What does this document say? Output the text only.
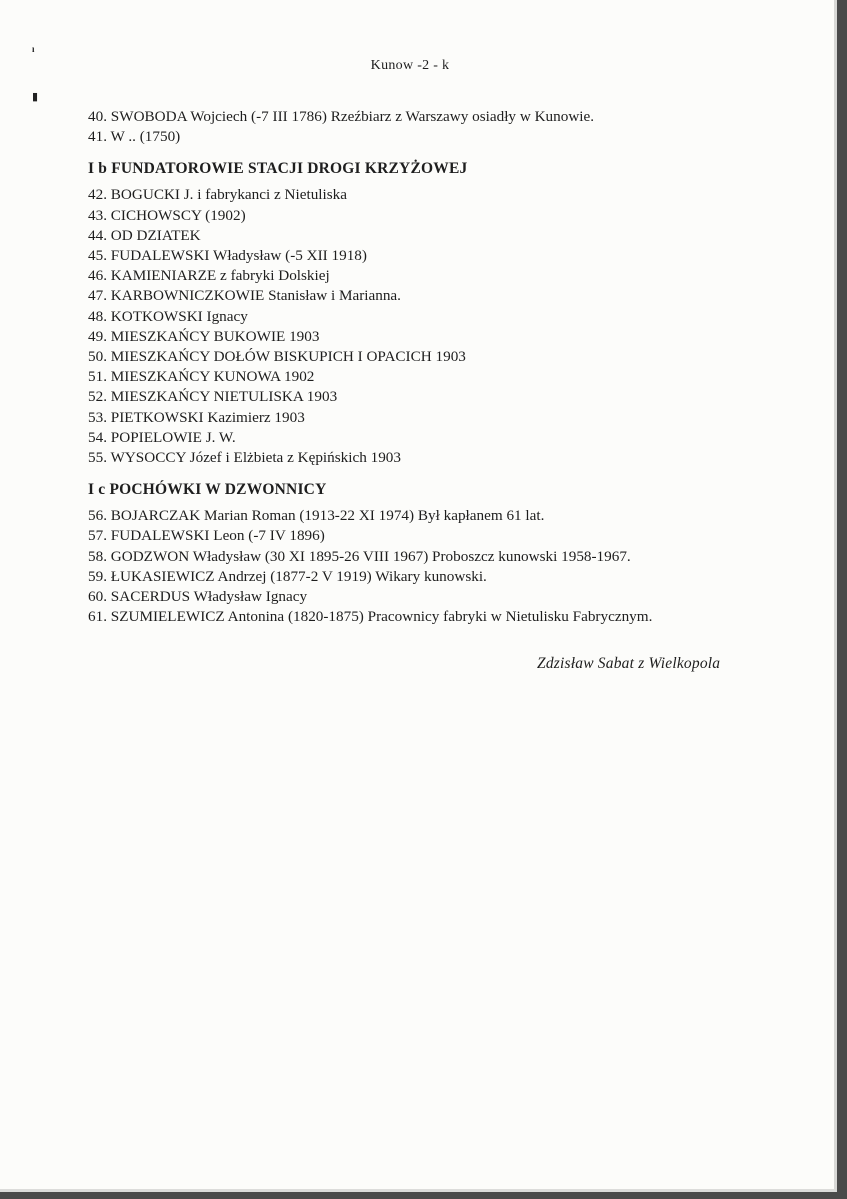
ı
▮
Kunow -2 - k
40. SWOBODA Wojciech (-7 III 1786) Rzeźbiarz z Warszawy osiadły w Kunowie.
41. W .. (1750)
I b FUNDATOROWIE STACJI DROGI KRZYŻOWEJ
42. BOGUCKI J. i fabrykanci z Nietuliska
43. CICHOWSCY (1902)
44. OD DZIATEK
45. FUDALEWSKI Władysław (-5 XII 1918)
46. KAMIENIARZE z fabryki Dolskiej
47. KARBOWNICZKOWIE Stanisław i Marianna.
48. KOTKOWSKI Ignacy
49. MIESZKAŃCY BUKOWIE 1903
50. MIESZKAŃCY DOŁÓW BISKUPICH I OPACICH 1903
51. MIESZKAŃCY KUNOWA 1902
52. MIESZKAŃCY NIETULISKA 1903
53. PIETKOWSKI Kazimierz 1903
54. POPIELOWIE J. W.
55. WYSOCCY Józef i Elżbieta z Kępińskich 1903
I c POCHÓWKI W DZWONNICY
56. BOJARCZAK Marian Roman (1913-22 XI 1974) Był kapłanem 61 lat.
57. FUDALEWSKI Leon (-7 IV 1896)
58. GODZWON Władysław (30 XI 1895-26 VIII 1967) Proboszcz kunowski 1958-1967.
59. ŁUKASIEWICZ Andrzej (1877-2 V 1919) Wikary kunowski.
60. SACERDUS Władysław Ignacy
61. SZUMIELEWICZ Antonina (1820-1875) Pracownicy fabryki w Nietulisku Fabrycznym.
Zdzisław Sabat z Wielkopola
